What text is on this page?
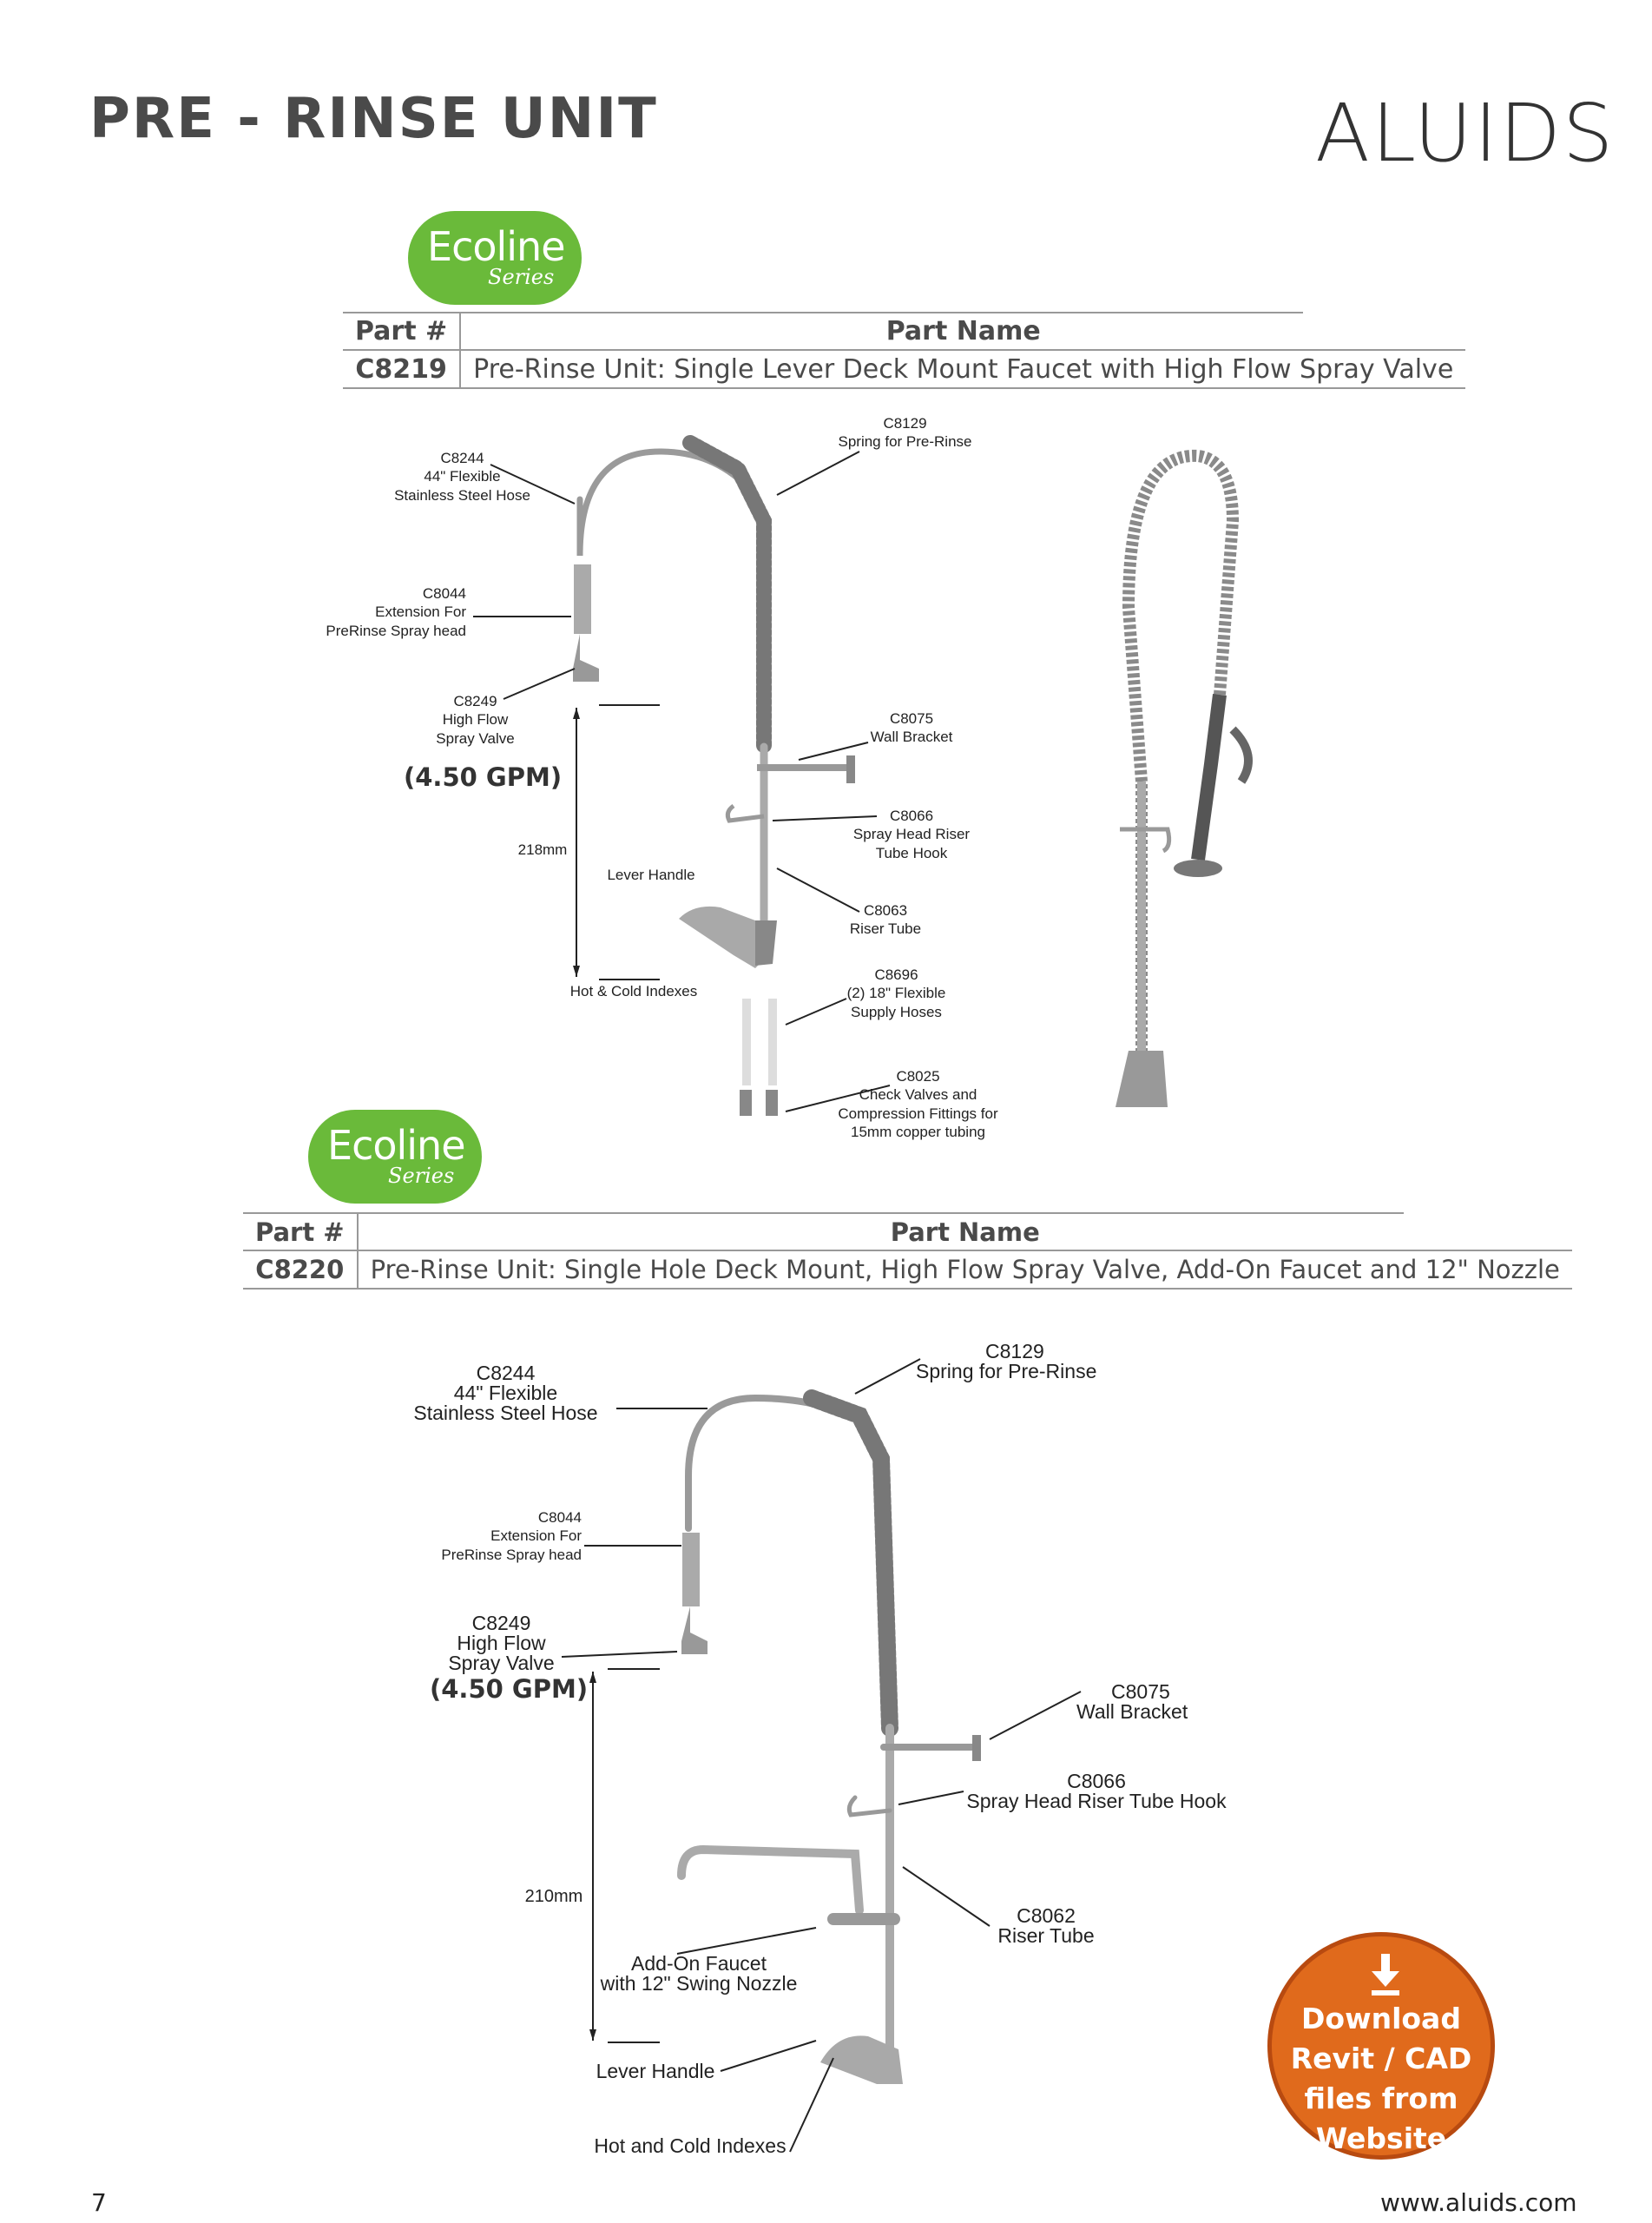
PRE - RINSE UNIT	ALUIDS
Ecoline
Series
Part #	Part Name
C8219	Pre-Rinse Unit: Single Lever Deck Mount Faucet with High Flow Spray Valve
C8244
44" Flexible
Stainless Steel Hose
C8129
Spring for Pre-Rinse
C8044
Extension For
PreRinse Spray head
C8249
High Flow
Spray Valve
(4.50 GPM)
C8075
Wall Bracket
C8066
Spray Head Riser
Tube Hook
218mm
Lever Handle
C8063
Riser Tube
Hot & Cold Indexes
C8696
(2) 18" Flexible
Supply Hoses
C8025
Check Valves and
Compression Fittings for
15mm copper tubing
Ecoline
Series
Part #	Part Name
C8220	Pre-Rinse Unit: Single Hole Deck Mount, High Flow Spray Valve, Add-On Faucet and 12" Nozzle
C8244
44" Flexible
Stainless Steel Hose
C8129
Spring for Pre-Rinse
C8044
Extension For
PreRinse Spray head
C8249
High Flow
Spray Valve
(4.50 GPM)	C8075
Wall Bracket
C8066
Spray Head Riser Tube Hook
210mm
C8062
Riser Tube
Add-On Faucet
with 12" Swing Nozzle
Lever Handle
Hot and Cold Indexes
Download
Revit / CAD
files from
Website
7	www.aluids.com
